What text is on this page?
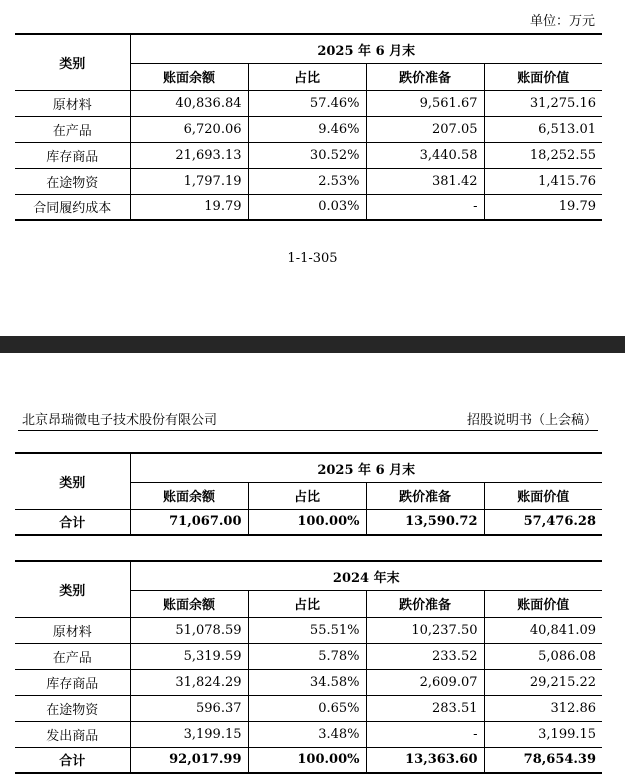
单位：万元
类别	2025 年 6 月末			
	账面余额	占比	跌价准备	账面价值
原材料	40,836.84	57.46%	9,561.67	31,275.16
在产品	6,720.06	9.46%	207.05	6,513.01
库存商品	21,693.13	30.52%	3,440.58	18,252.55
在途物资	1,797.19	2.53%	381.42	1,415.76
合同履约成本	19.79	0.03%	-	19.79
1-1-305
北京昂瑞微电子技术股份有限公司	招股说明书（上会稿）
类别	2025 年 6 月末			
	账面余额	占比	跌价准备	账面价值
合计	71,067.00	100.00%	13,590.72	57,476.28
类别	2024 年末			
	账面余额	占比	跌价准备	账面价值
原材料	51,078.59	55.51%	10,237.50	40,841.09
在产品	5,319.59	5.78%	233.52	5,086.08
库存商品	31,824.29	34.58%	2,609.07	29,215.22
在途物资	596.37	0.65%	283.51	312.86
发出商品	3,199.15	3.48%	-	3,199.15
合计	92,017.99	100.00%	13,363.60	78,654.39
